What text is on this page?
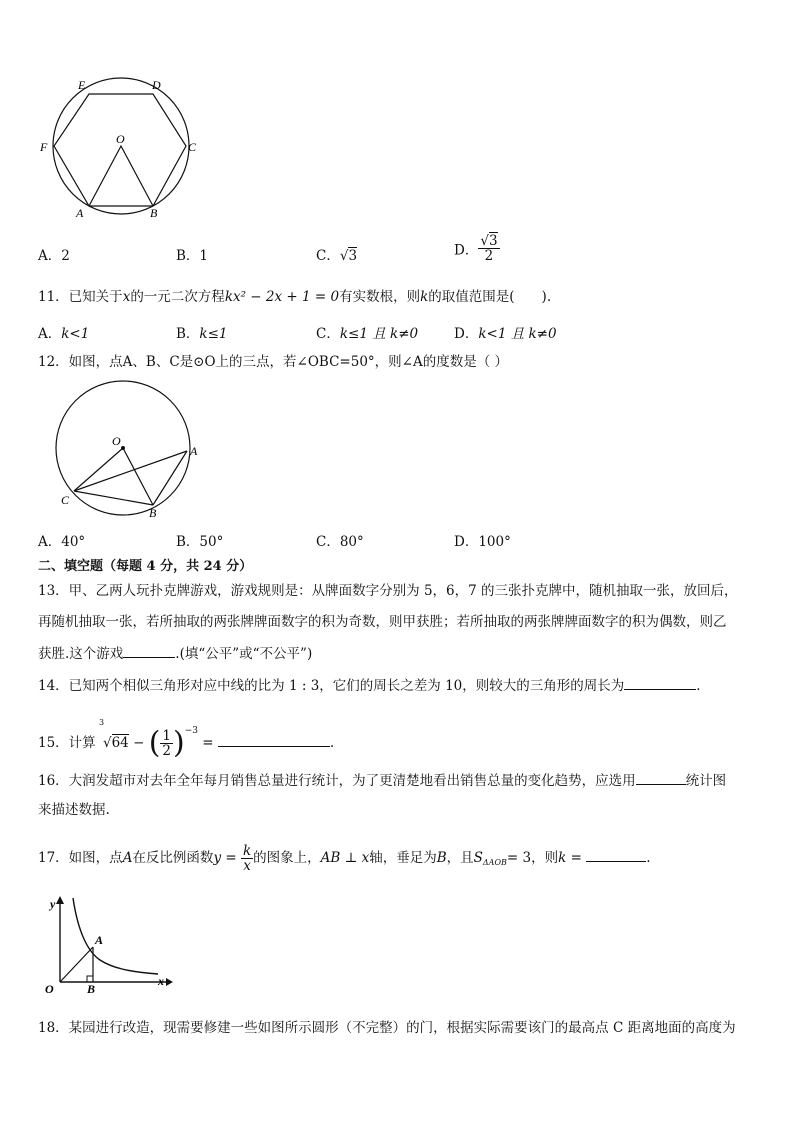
E	D
F	C
O
A	B
A．2	B．1	C．√3	D． $\frac{√3}{2}$
11．已知关于x的一元二次方程kx² − 2x + 1 = 0有实数根，则k的取值范围是(　　).
A．k<1	B．k≤1	C．k≤1 且 k≠0	D．k<1 且 k≠0
12．如图，点A、B、C是⊙O上的三点，若∠OBC=50°，则∠A的度数是（ ）
O
A
B
C
A．40°	B．50°	C．80°	D．100°
二、填空题（每题 4 分，共 24 分）
13．甲、乙两人玩扑克牌游戏，游戏规则是：从牌面数字分别为 5，6，7 的三张扑克牌中，随机抽取一张，放回后，
再随机抽取一张，若所抽取的两张牌牌面数字的积为奇数，则甲获胜；若所抽取的两张牌牌面数字的积为偶数，则乙
获胜.这个游戏	.(填“公平”或“不公平”)
14．已知两个相似三角形对应中线的比为 1 : 3，它们的周长之差为 10，则较大的三角形的周长为	．
15．计算
3
√64 − ( $\frac{1}{2} )^{-3}$ =	.
16．大润发超市对去年全年每月销售总量进行统计，为了更清楚地看出销售总量的变化趋势，应选用	统计图
来描述数据.
17．如图，点A在反比例函数$y = \frac{k}{x}$ 的图象上，AB ⊥ x轴，垂足为B，且$S_{\Delta AOB}= 3$，则k =	.
y
x
O
A
B
18．某园进行改造，现需要修建一些如图所示圆形（不完整）的门，根据实际需要该门的最高点 C 距离地面的高度为
